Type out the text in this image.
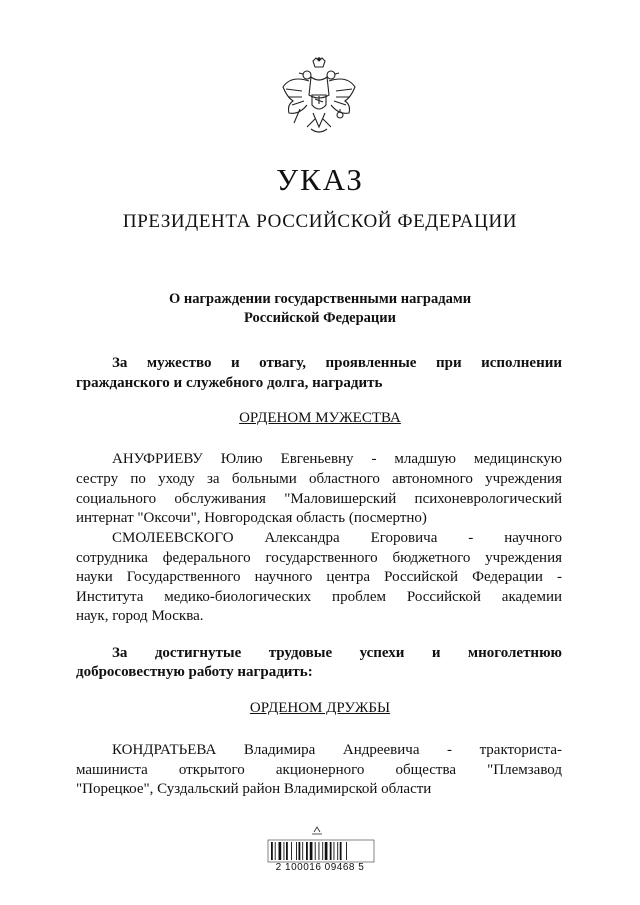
УКАЗ
ПРЕЗИДЕНТА РОССИЙСКОЙ ФЕДЕРАЦИИ
О награждении государственными наградами
Российской Федерации
За мужество и отвагу, проявленные при исполнении
гражданского и служебного долга, наградить
ОРДЕНОМ МУЖЕСТВА
АНУФРИЕВУ Юлию Евгеньевну - младшую медицинскую
сестру по уходу за больными областного автономного учреждения
социального обслуживания "Маловишерский психоневрологический
интернат "Оксочи", Новгородская область (посмертно)
СМОЛЕЕВСКОГО Александра Егоровича - научного
сотрудника федерального государственного бюджетного учреждения
науки Государственного научного центра Российской Федерации -
Института медико-биологических проблем Российской академии
наук, город Москва.
За достигнутые трудовые успехи и многолетнюю
добросовестную работу наградить:
ОРДЕНОМ ДРУЖБЫ
КОНДРАТЬЕВА Владимира Андреевича - тракториста-
машиниста открытого акционерного общества "Племзавод
"Порецкое", Суздальский район Владимирской области
2 100016 09468 5
